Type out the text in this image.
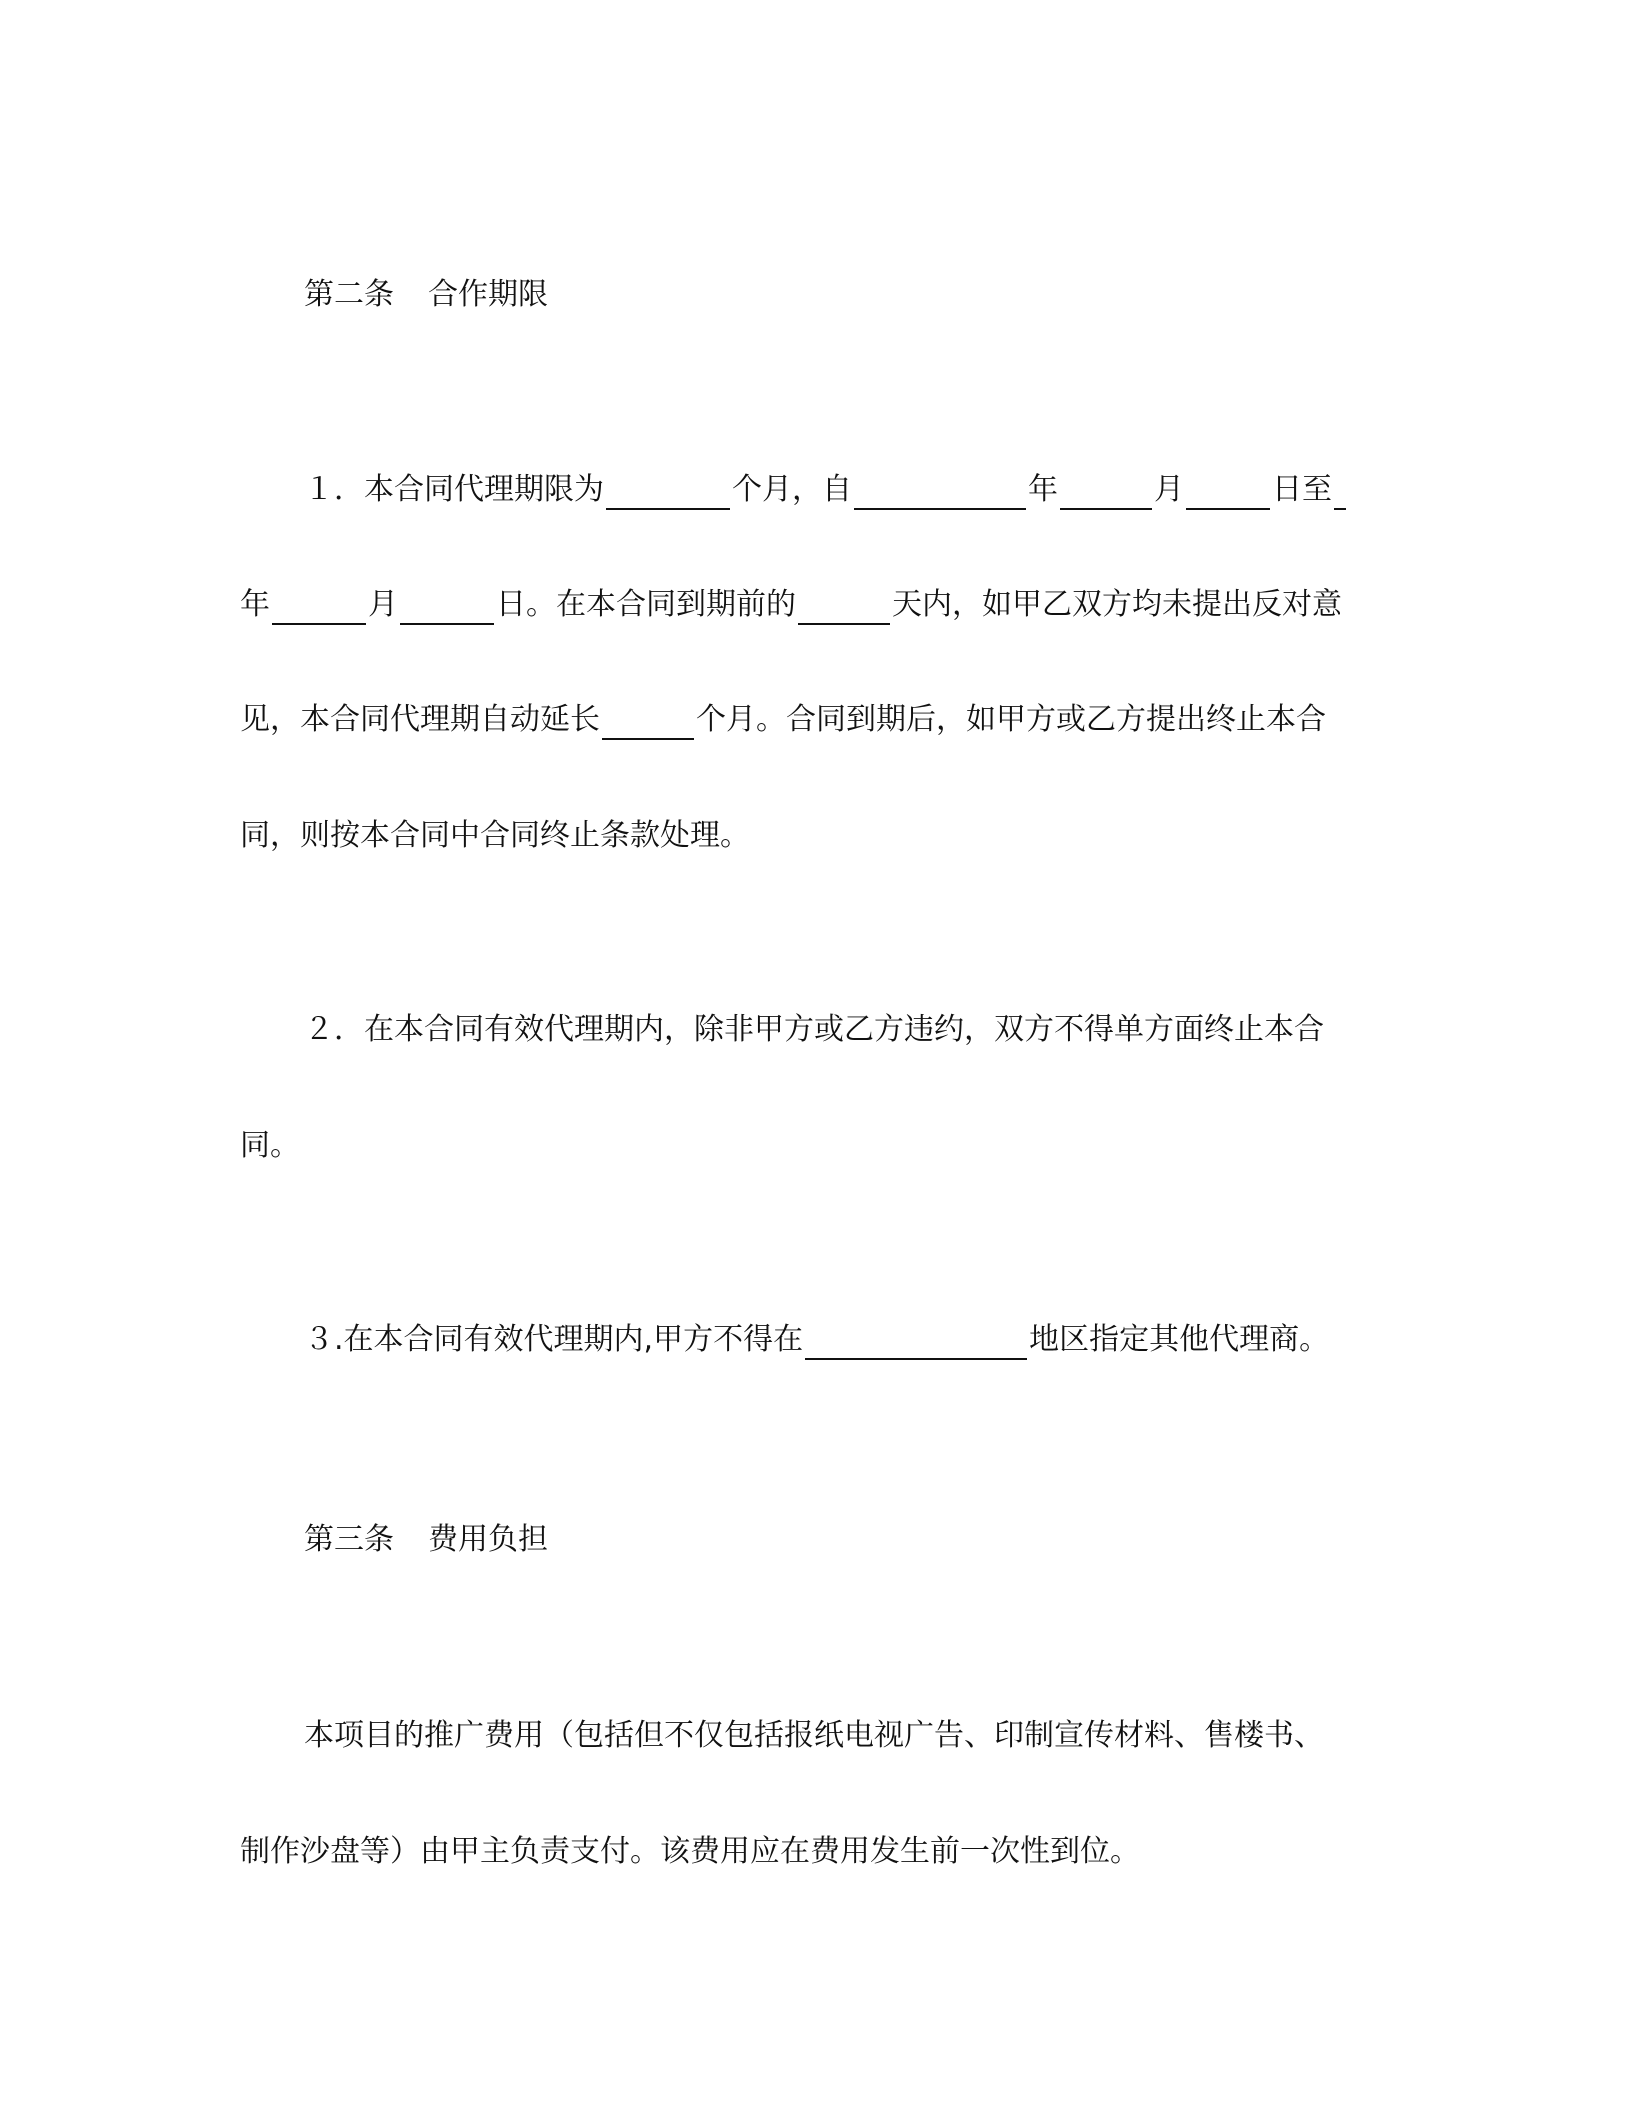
第二条 合作期限
１．本合同代理期限为	个月，自	年	月	日至
年	月	日。在本合同到期前的	天内，如甲乙双方均未提出反对意
见，本合同代理期自动延长	个月。合同到期后，如甲方或乙方提出终止本合
同，则按本合同中合同终止条款处理。
２．在本合同有效代理期内，除非甲方或乙方违约，双方不得单方面终止本合
同。
３.在本合同有效代理期内,甲方不得在	地区指定其他代理商。
第三条 费用负担
本项目的推广费用（包括但不仅包括报纸电视广告、印制宣传材料、售楼书、
制作沙盘等）由甲主负责支付。该费用应在费用发生前一次性到位。
